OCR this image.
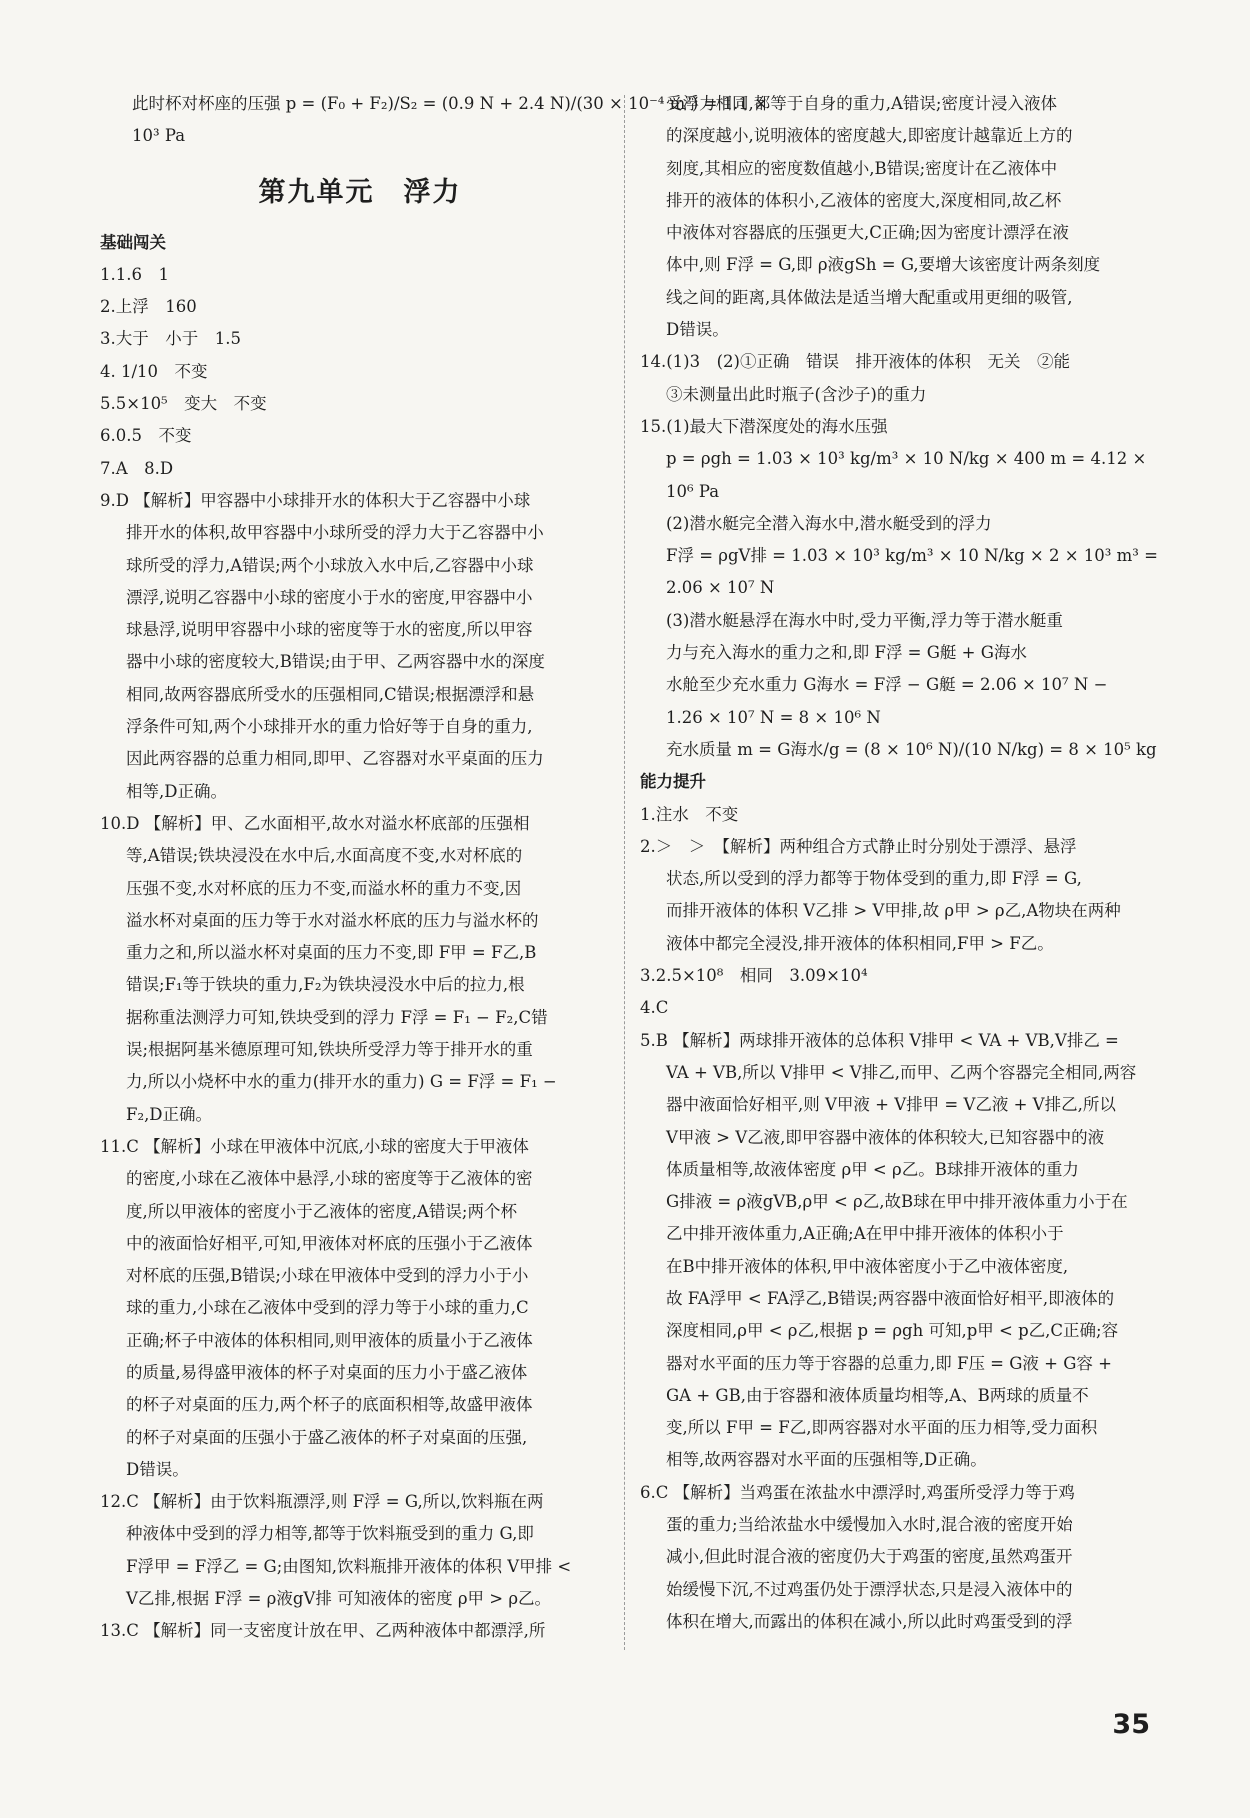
此时杯对杯座的压强 p = (F₀ + F₂)/S₂ = (0.9 N + 2.4 N)/(30 × 10⁻⁴ m²) = 1.1 ×
10³ Pa
第九单元　浮力
基础闯关
1.1.6　1
2.上浮　160
3.大于　小于　1.5
4. 1/10　不变
5.5×10⁵　变大　不变
6.0.5　不变
7.A　8.D
9.D 【解析】甲容器中小球排开水的体积大于乙容器中小球
排开水的体积,故甲容器中小球所受的浮力大于乙容器中小
球所受的浮力,A错误;两个小球放入水中后,乙容器中小球
漂浮,说明乙容器中小球的密度小于水的密度,甲容器中小
球悬浮,说明甲容器中小球的密度等于水的密度,所以甲容
器中小球的密度较大,B错误;由于甲、乙两容器中水的深度
相同,故两容器底所受水的压强相同,C错误;根据漂浮和悬
浮条件可知,两个小球排开水的重力恰好等于自身的重力,
因此两容器的总重力相同,即甲、乙容器对水平桌面的压力
相等,D正确。
10.D 【解析】甲、乙水面相平,故水对溢水杯底部的压强相
等,A错误;铁块浸没在水中后,水面高度不变,水对杯底的
压强不变,水对杯底的压力不变,而溢水杯的重力不变,因
溢水杯对桌面的压力等于水对溢水杯底的压力与溢水杯的
重力之和,所以溢水杯对桌面的压力不变,即 F甲 = F乙,B
错误;F₁等于铁块的重力,F₂为铁块浸没水中后的拉力,根
据称重法测浮力可知,铁块受到的浮力 F浮 = F₁ − F₂,C错
误;根据阿基米德原理可知,铁块所受浮力等于排开水的重
力,所以小烧杯中水的重力(排开水的重力) G = F浮 = F₁ −
F₂,D正确。
11.C 【解析】小球在甲液体中沉底,小球的密度大于甲液体
的密度,小球在乙液体中悬浮,小球的密度等于乙液体的密
度,所以甲液体的密度小于乙液体的密度,A错误;两个杯
中的液面恰好相平,可知,甲液体对杯底的压强小于乙液体
对杯底的压强,B错误;小球在甲液体中受到的浮力小于小
球的重力,小球在乙液体中受到的浮力等于小球的重力,C
正确;杯子中液体的体积相同,则甲液体的质量小于乙液体
的质量,易得盛甲液体的杯子对桌面的压力小于盛乙液体
的杯子对桌面的压力,两个杯子的底面积相等,故盛甲液体
的杯子对桌面的压强小于盛乙液体的杯子对桌面的压强,
D错误。
12.C 【解析】由于饮料瓶漂浮,则 F浮 = G,所以,饮料瓶在两
种液体中受到的浮力相等,都等于饮料瓶受到的重力 G,即
F浮甲 = F浮乙 = G;由图知,饮料瓶排开液体的体积 V甲排 <
V乙排,根据 F浮 = ρ液gV排 可知液体的密度 ρ甲 > ρ乙。
13.C 【解析】同一支密度计放在甲、乙两种液体中都漂浮,所
受浮力相同,都等于自身的重力,A错误;密度计浸入液体
的深度越小,说明液体的密度越大,即密度计越靠近上方的
刻度,其相应的密度数值越小,B错误;密度计在乙液体中
排开的液体的体积小,乙液体的密度大,深度相同,故乙杯
中液体对容器底的压强更大,C正确;因为密度计漂浮在液
体中,则 F浮 = G,即 ρ液gSh = G,要增大该密度计两条刻度
线之间的距离,具体做法是适当增大配重或用更细的吸管,
D错误。
14.(1)3　(2)①正确　错误　排开液体的体积　无关　②能
③未测量出此时瓶子(含沙子)的重力
15.(1)最大下潜深度处的海水压强
p = ρgh = 1.03 × 10³ kg/m³ × 10 N/kg × 400 m = 4.12 ×
10⁶ Pa
(2)潜水艇完全潜入海水中,潜水艇受到的浮力
F浮 = ρgV排 = 1.03 × 10³ kg/m³ × 10 N/kg × 2 × 10³ m³ =
2.06 × 10⁷ N
(3)潜水艇悬浮在海水中时,受力平衡,浮力等于潜水艇重
力与充入海水的重力之和,即 F浮 = G艇 + G海水
水舱至少充水重力 G海水 = F浮 − G艇 = 2.06 × 10⁷ N −
1.26 × 10⁷ N = 8 × 10⁶ N
充水质量 m = G海水/g = (8 × 10⁶ N)/(10 N/kg) = 8 × 10⁵ kg
能力提升
1.注水　不变
2.＞　＞　【解析】两种组合方式静止时分别处于漂浮、悬浮
状态,所以受到的浮力都等于物体受到的重力,即 F浮 = G,
而排开液体的体积 V乙排 > V甲排,故 ρ甲 > ρ乙,A物块在两种
液体中都完全浸没,排开液体的体积相同,F甲 > F乙。
3.2.5×10⁸　相同　3.09×10⁴
4.C
5.B 【解析】两球排开液体的总体积 V排甲 < VA + VB,V排乙 =
VA + VB,所以 V排甲 < V排乙,而甲、乙两个容器完全相同,两容
器中液面恰好相平,则 V甲液 + V排甲 = V乙液 + V排乙,所以
V甲液 > V乙液,即甲容器中液体的体积较大,已知容器中的液
体质量相等,故液体密度 ρ甲 < ρ乙。B球排开液体的重力
G排液 = ρ液gVB,ρ甲 < ρ乙,故B球在甲中排开液体重力小于在
乙中排开液体重力,A正确;A在甲中排开液体的体积小于
在B中排开液体的体积,甲中液体密度小于乙中液体密度,
故 FA浮甲 < FA浮乙,B错误;两容器中液面恰好相平,即液体的
深度相同,ρ甲 < ρ乙,根据 p = ρgh 可知,p甲 < p乙,C正确;容
器对水平面的压力等于容器的总重力,即 F压 = G液 + G容 +
GA + GB,由于容器和液体质量均相等,A、B两球的质量不
变,所以 F甲 = F乙,即两容器对水平面的压力相等,受力面积
相等,故两容器对水平面的压强相等,D正确。
6.C 【解析】当鸡蛋在浓盐水中漂浮时,鸡蛋所受浮力等于鸡
蛋的重力;当给浓盐水中缓慢加入水时,混合液的密度开始
减小,但此时混合液的密度仍大于鸡蛋的密度,虽然鸡蛋开
始缓慢下沉,不过鸡蛋仍处于漂浮状态,只是浸入液体中的
体积在增大,而露出的体积在减小,所以此时鸡蛋受到的浮
35
